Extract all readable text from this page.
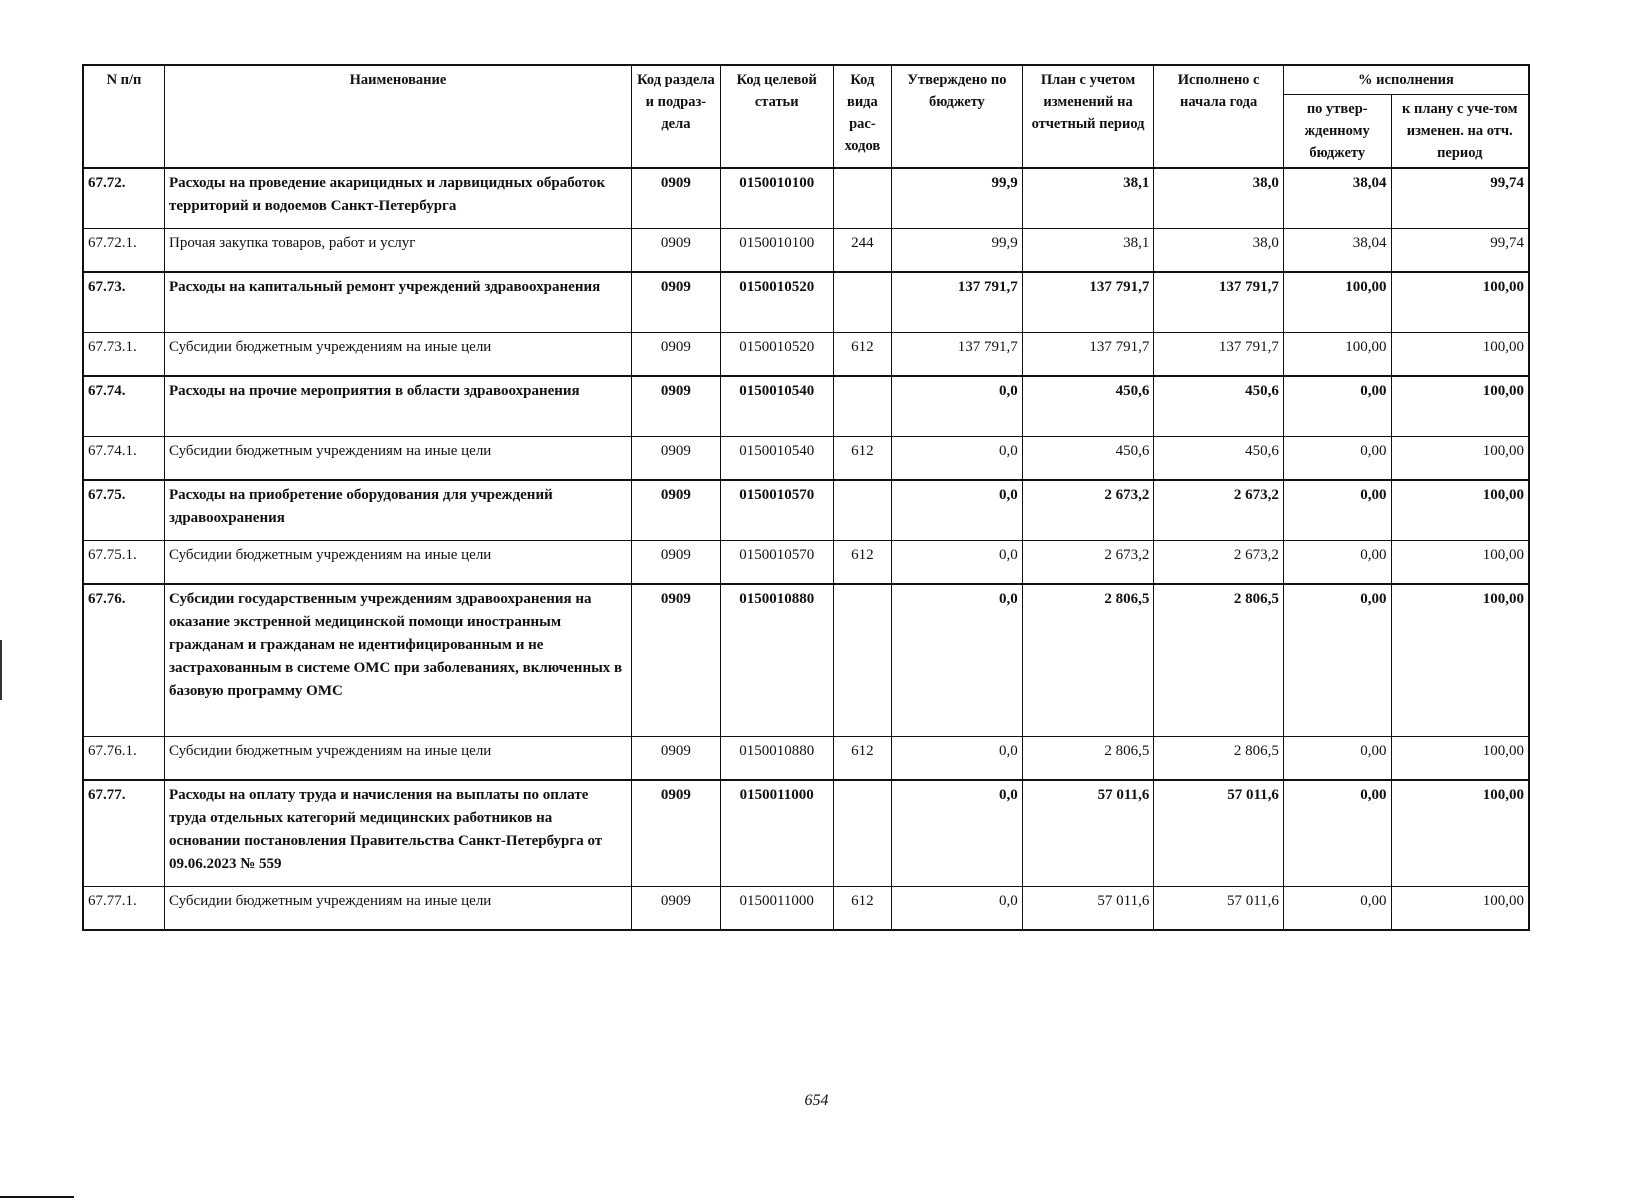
N п/п	Наименование	Код раздела и подраз-дела	Код целевой статьи	Код вида рас-ходов	Утверждено по бюджету	План с учетом изменений на отчетный период	Исполнено с начала года	% исполнения	
								по утвер-жденному бюджету	к плану с уче-том изменен. на отч. период
67.72.	Расходы на проведение акарицидных и ларвицидных обработок территорий и водоемов Санкт-Петербурга	0909	0150010100		99,9	38,1	38,0	38,04	99,74
67.72.1.	Прочая закупка товаров, работ и услуг	0909	0150010100	244	99,9	38,1	38,0	38,04	99,74
67.73.	Расходы на капитальный ремонт учреждений здравоохранения	0909	0150010520		137 791,7	137 791,7	137 791,7	100,00	100,00
67.73.1.	Субсидии бюджетным учреждениям на иные цели	0909	0150010520	612	137 791,7	137 791,7	137 791,7	100,00	100,00
67.74.	Расходы на прочие мероприятия в области здравоохранения	0909	0150010540		0,0	450,6	450,6	0,00	100,00
67.74.1.	Субсидии бюджетным учреждениям на иные цели	0909	0150010540	612	0,0	450,6	450,6	0,00	100,00
67.75.	Расходы на приобретение оборудования для учреждений здравоохранения	0909	0150010570		0,0	2 673,2	2 673,2	0,00	100,00
67.75.1.	Субсидии бюджетным учреждениям на иные цели	0909	0150010570	612	0,0	2 673,2	2 673,2	0,00	100,00
67.76.	Субсидии государственным учреждениям здравоохранения на оказание экстренной медицинской помощи иностранным гражданам и гражданам не идентифицированным и не застрахованным в системе ОМС при заболеваниях, включенных в базовую программу ОМС	0909	0150010880		0,0	2 806,5	2 806,5	0,00	100,00
67.76.1.	Субсидии бюджетным учреждениям на иные цели	0909	0150010880	612	0,0	2 806,5	2 806,5	0,00	100,00
67.77.	Расходы на оплату труда и начисления на выплаты по оплате труда отдельных категорий медицинских работников на основании постановления Правительства Санкт-Петербурга от 09.06.2023 № 559	0909	0150011000		0,0	57 011,6	57 011,6	0,00	100,00
67.77.1.	Субсидии бюджетным учреждениям на иные цели	0909	0150011000	612	0,0	57 011,6	57 011,6	0,00	100,00
654
